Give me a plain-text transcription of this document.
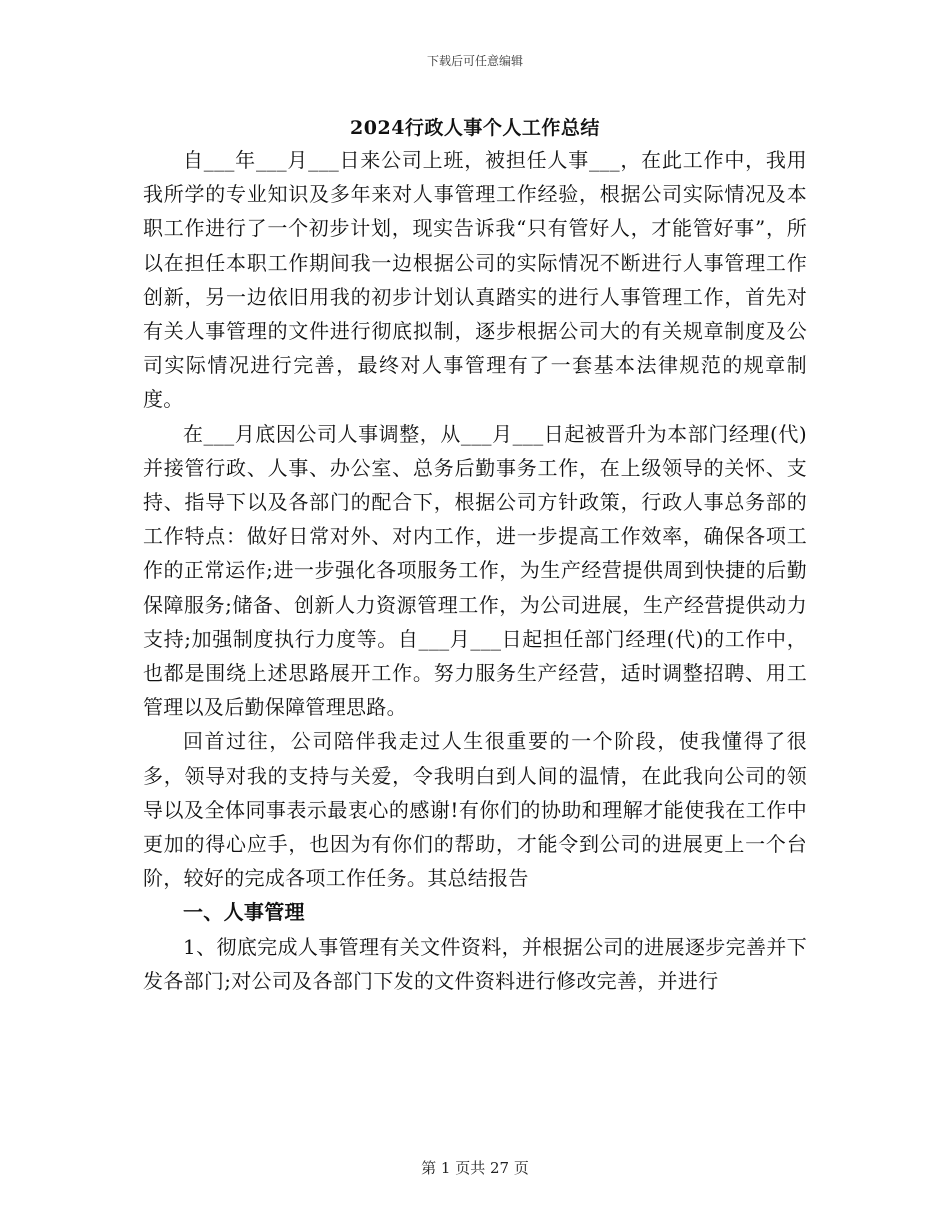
下载后可任意编辑
2024行政人事个人工作总结

自___年___月___日来公司上班，被担任人事___，在此工作中，我用我所学的专业知识及多年来对人事管理工作经验，根据公司实际情况及本职工作进行了一个初步计划，现实告诉我“只有管好人，才能管好事”，所以在担任本职工作期间我一边根据公司的实际情况不断进行人事管理工作创新，另一边依旧用我的初步计划认真踏实的进行人事管理工作，首先对有关人事管理的文件进行彻底拟制，逐步根据公司大的有关规章制度及公司实际情况进行完善，最终对人事管理有了一套基本法律规范的规章制度。

在___月底因公司人事调整，从___月___日起被晋升为本部门经理(代)并接管行政、人事、办公室、总务后勤事务工作，在上级领导的关怀、支持、指导下以及各部门的配合下，根据公司方针政策，行政人事总务部的工作特点：做好日常对外、对内工作，进一步提高工作效率，确保各项工作的正常运作;进一步强化各项服务工作，为生产经营提供周到快捷的后勤保障服务;储备、创新人力资源管理工作，为公司进展，生产经营提供动力支持;加强制度执行力度等。自___月___日起担任部门经理(代)的工作中，也都是围绕上述思路展开工作。努力服务生产经营，适时调整招聘、用工管理以及后勤保障管理思路。

回首过往，公司陪伴我走过人生很重要的一个阶段，使我懂得了很多，领导对我的支持与关爱，令我明白到人间的温情，在此我向公司的领导以及全体同事表示最衷心的感谢!有你们的协助和理解才能使我在工作中更加的得心应手，也因为有你们的帮助，才能令到公司的进展更上一个台阶，较好的完成各项工作任务。其总结报告

一、人事管理

1、彻底完成人事管理有关文件资料，并根据公司的进展逐步完善并下发各部门;对公司及各部门下发的文件资料进行修改完善，并进行

第 1 页共 27 页
